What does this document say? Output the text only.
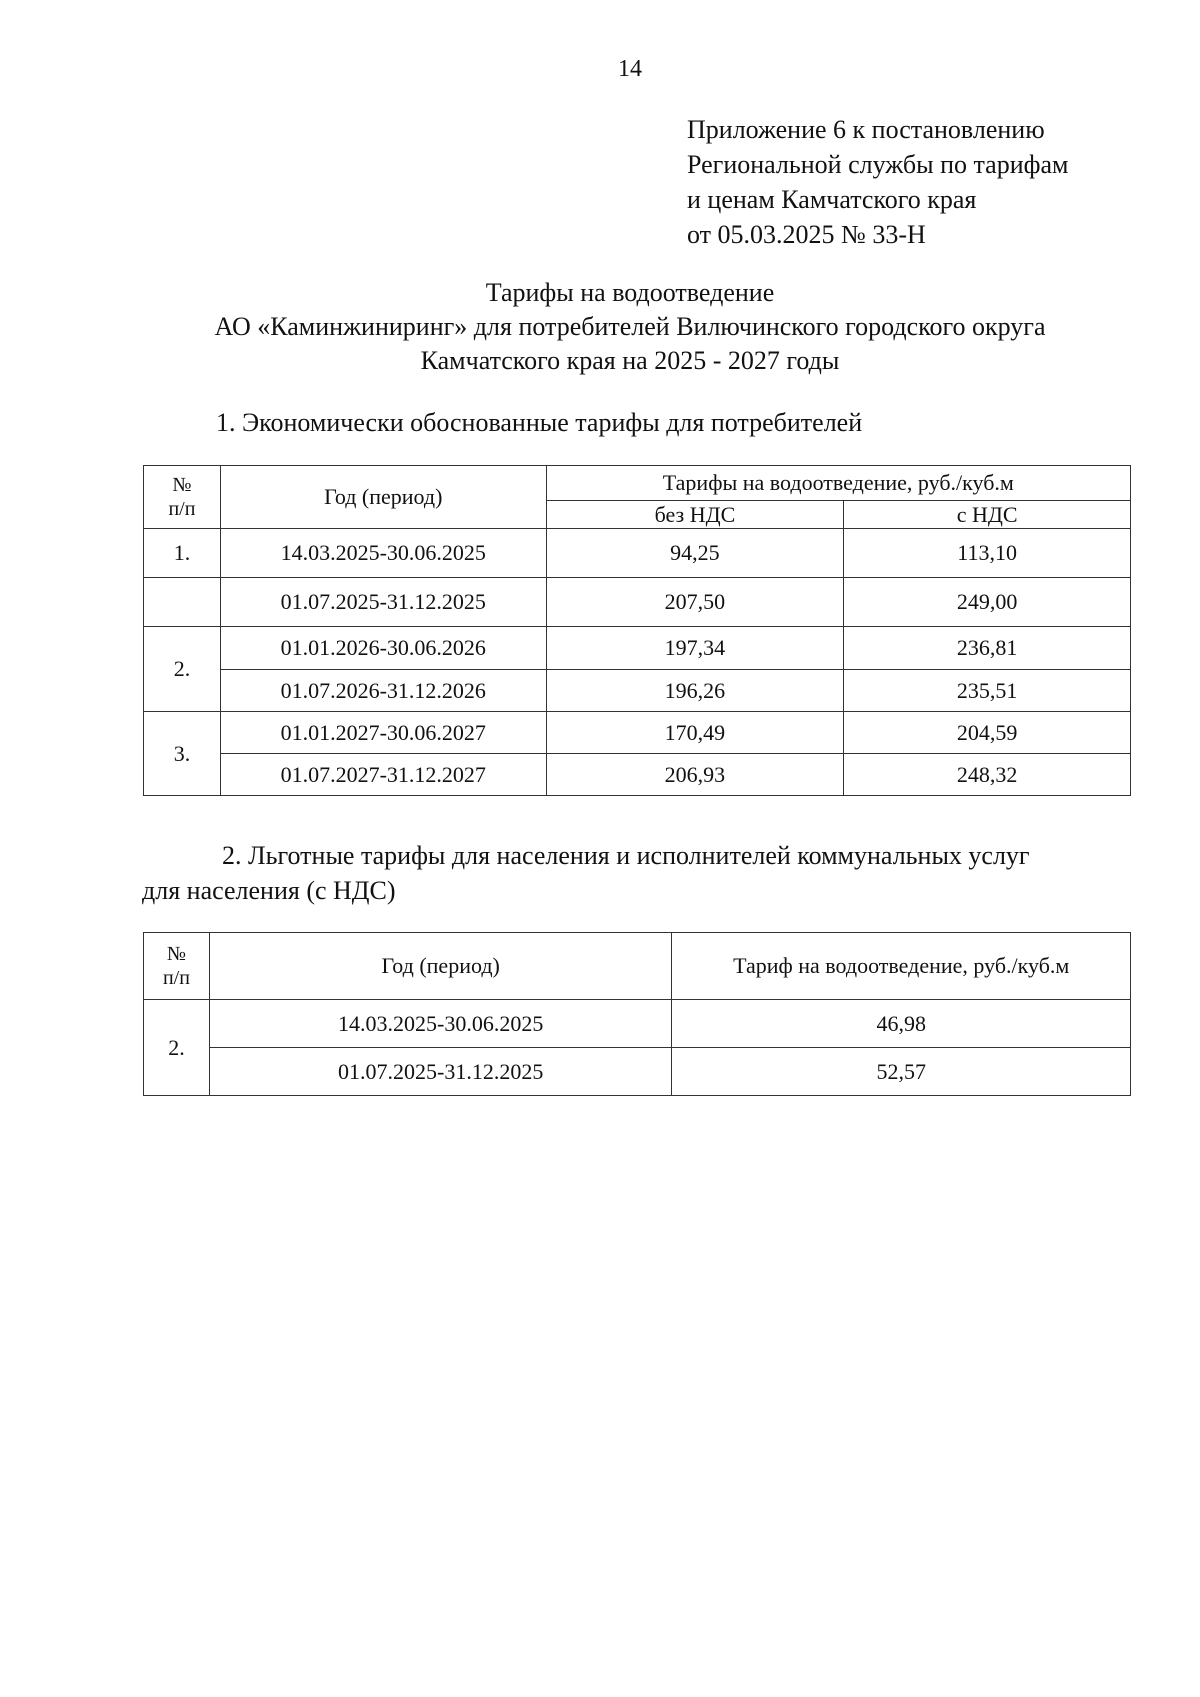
14
Приложение 6 к постановлению
Региональной службы по тарифам
и ценам Камчатского края
от 05.03.2025 № 33-Н
Тарифы на водоотведение
АО «Каминжиниринг» для потребителей Вилючинского городского округа
Камчатского края на 2025 - 2027 годы
1. Экономически обоснованные тарифы для потребителей
№
п/п	Год (период)	Тарифы на водоотведение, руб./куб.м	
		без НДС	с НДС
1.	14.03.2025-30.06.2025	94,25	113,10
	01.07.2025-31.12.2025	207,50	249,00
2.	01.01.2026-30.06.2026	197,34	236,81
	01.07.2026-31.12.2026	196,26	235,51
3.	01.01.2027-30.06.2027	170,49	204,59
	01.07.2027-31.12.2027	206,93	248,32
2. Льготные тарифы для населения и исполнителей коммунальных услуг
для населения (с НДС)
№
п/п	Год (период)	Тариф на водоотведение, руб./куб.м
2.	14.03.2025-30.06.2025	46,98
	01.07.2025-31.12.2025	52,57
